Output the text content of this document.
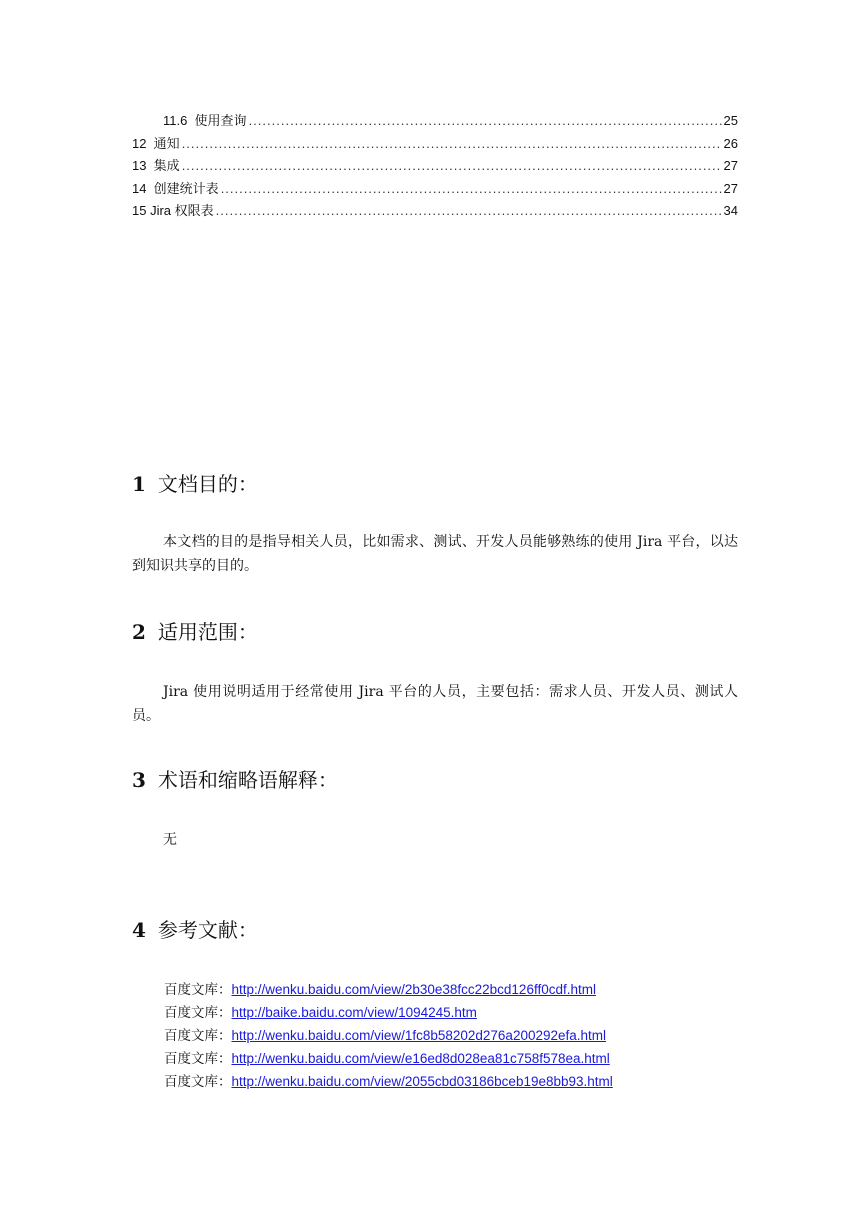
11.6  使用查询 .....	25
12  通知 .....	26
13  集成 .....	27
14  创建统计表 .....	27
15 Jira 权限表 .....	34
1 文档目的：
本文档的目的是指导相关人员，比如需求、测试、开发人员能够熟练的使用 Jira 平台，以达到知识共享的目的。
2 适用范围：
Jira 使用说明适用于经常使用 Jira 平台的人员，主要包括：需求人员、开发人员、测试人员。
3 术语和缩略语解释：
无
4 参考文献：
百度文库：http://wenku.baidu.com/view/2b30e38fcc22bcd126ff0cdf.html
百度文库：http://baike.baidu.com/view/1094245.htm
百度文库：http://wenku.baidu.com/view/1fc8b58202d276a200292efa.html
百度文库：http://wenku.baidu.com/view/e16ed8d028ea81c758f578ea.html
百度文库：http://wenku.baidu.com/view/2055cbd03186bceb19e8bb93.html
